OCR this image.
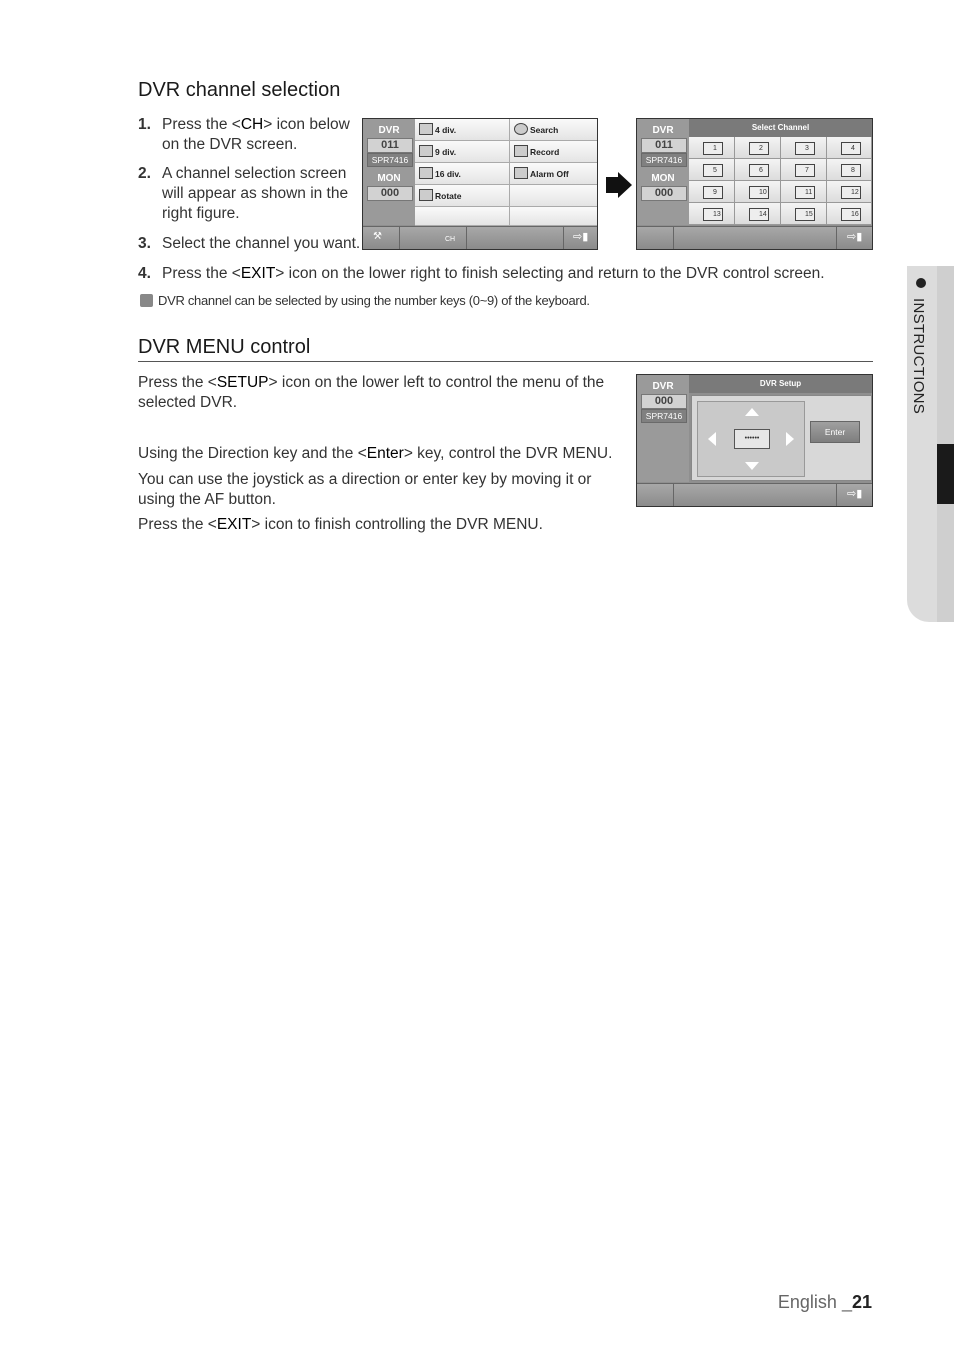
DVR channel selection
1. Press the <CH> icon below on the DVR screen.
2. A channel selection screen will appear as shown in the right figure.
3. Select the channel you want.
4. Press the <EXIT> icon on the lower right to finish selecting and return to the DVR control screen.
DVR channel can be selected by using the number keys (0~9) of the keyboard.
DVR
011
SPR7416
MON
000
4 div.
9 div.
16 div.
Rotate
Search
Record
Alarm Off
⚒	CH	⇨▮
DVR
011
SPR7416
MON
000
Select Channel
1	2	3	4
5	6	7	8
9	10	11	12
13	14	15	16
⇨▮
DVR MENU control
Press the <SETUP> icon on the lower left to control the menu of the selected DVR.
Using the Direction key and the <Enter> key, control the DVR MENU.
You can use the joystick as a direction or enter key by moving it or using the AF button.
Press the <EXIT> icon to finish controlling the DVR MENU.
DVR
000
SPR7416
DVR Setup
••••••
Enter
⇨▮
INSTRUCTIONS
English _21
